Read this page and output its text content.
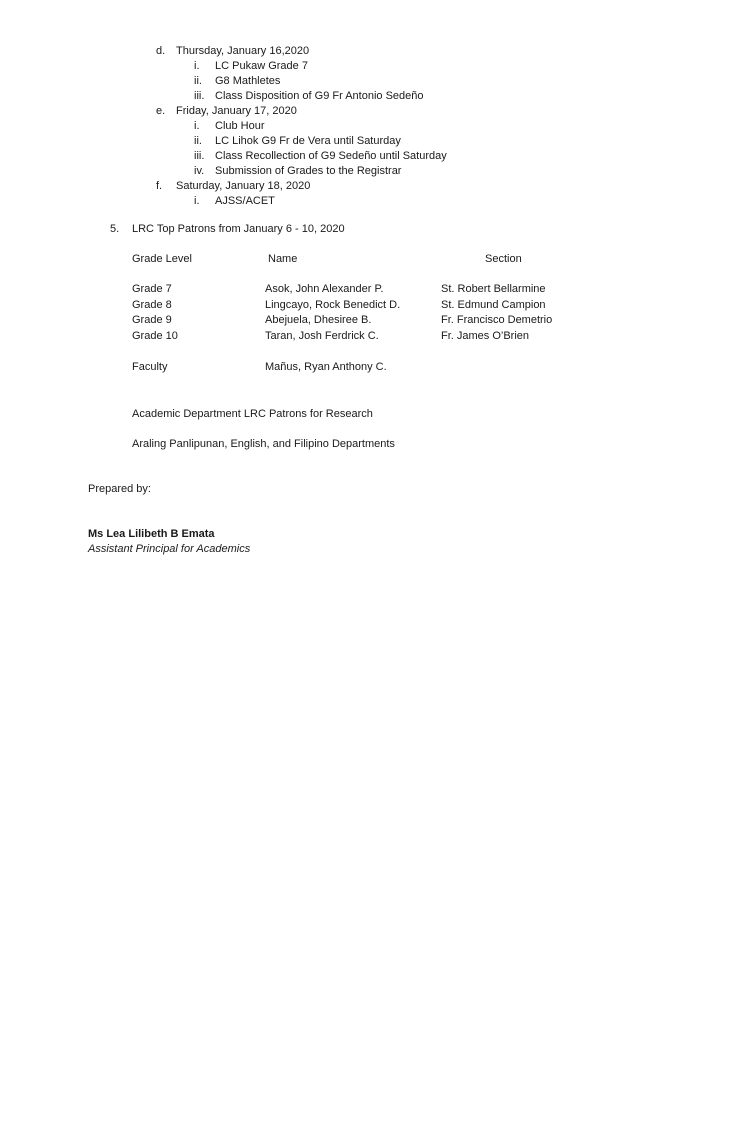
d. Thursday, January 16,2020
i. LC Pukaw Grade 7
ii. G8 Mathletes
iii. Class Disposition of G9 Fr Antonio Sedeño
e. Friday, January 17, 2020
i. Club Hour
ii. LC Lihok G9 Fr de Vera until Saturday
iii. Class Recollection of G9 Sedeño until Saturday
iv. Submission of Grades to the Registrar
f. Saturday, January 18, 2020
i. AJSS/ACET
5. LRC Top Patrons from January 6 - 10, 2020
Grade Level	Name	Section
Grade 7	Asok, John Alexander P.	St. Robert Bellarmine
Grade 8	Lingcayo, Rock Benedict D.	St. Edmund Campion
Grade 9	Abejuela, Dhesiree B.	Fr. Francisco Demetrio
Grade 10	Taran, Josh Ferdrick C.	Fr. James O’Brien
Faculty	Mañus, Ryan Anthony C.
Academic Department LRC Patrons for Research
Araling Panlipunan, English, and Filipino Departments
Prepared by:
Ms Lea Lilibeth B Emata
Assistant Principal for Academics
